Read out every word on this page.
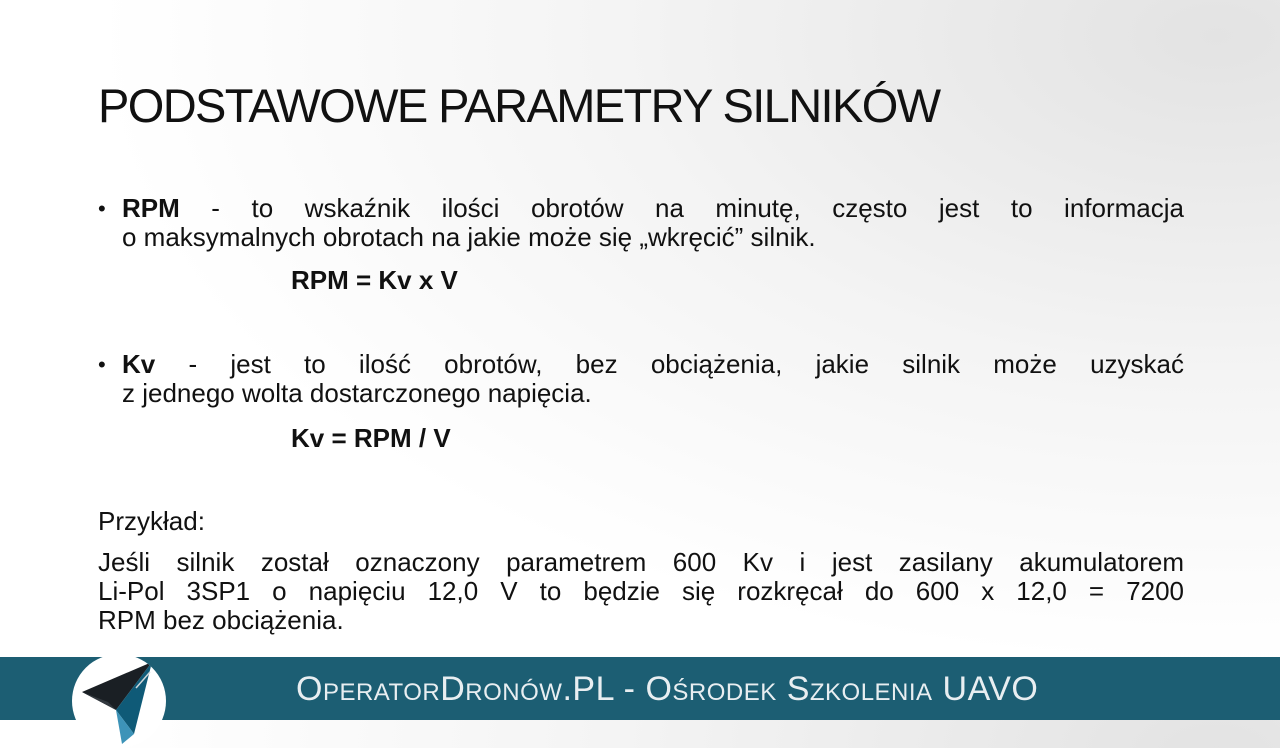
PODSTAWOWE PARAMETRY SILNIKÓW
• RPM - to wskaźnik ilości obrotów na minutę, często jest to informacja
o maksymalnych obrotach na jakie może się „wkręcić” silnik.
RPM = Kv x V
• Kv - jest to ilość obrotów, bez obciążenia, jakie silnik może uzyskać
z jednego wolta dostarczonego napięcia.
Kv = RPM / V
Przykład:
Jeśli silnik został oznaczony parametrem 600 Kv i jest zasilany akumulatorem
Li-Pol 3SP1 o napięciu 12,0 V to będzie się rozkręcał do 600 x 12,0 = 7200
RPM bez obciążenia.
OperatorDronów.PL - Ośrodek Szkolenia UAVO
